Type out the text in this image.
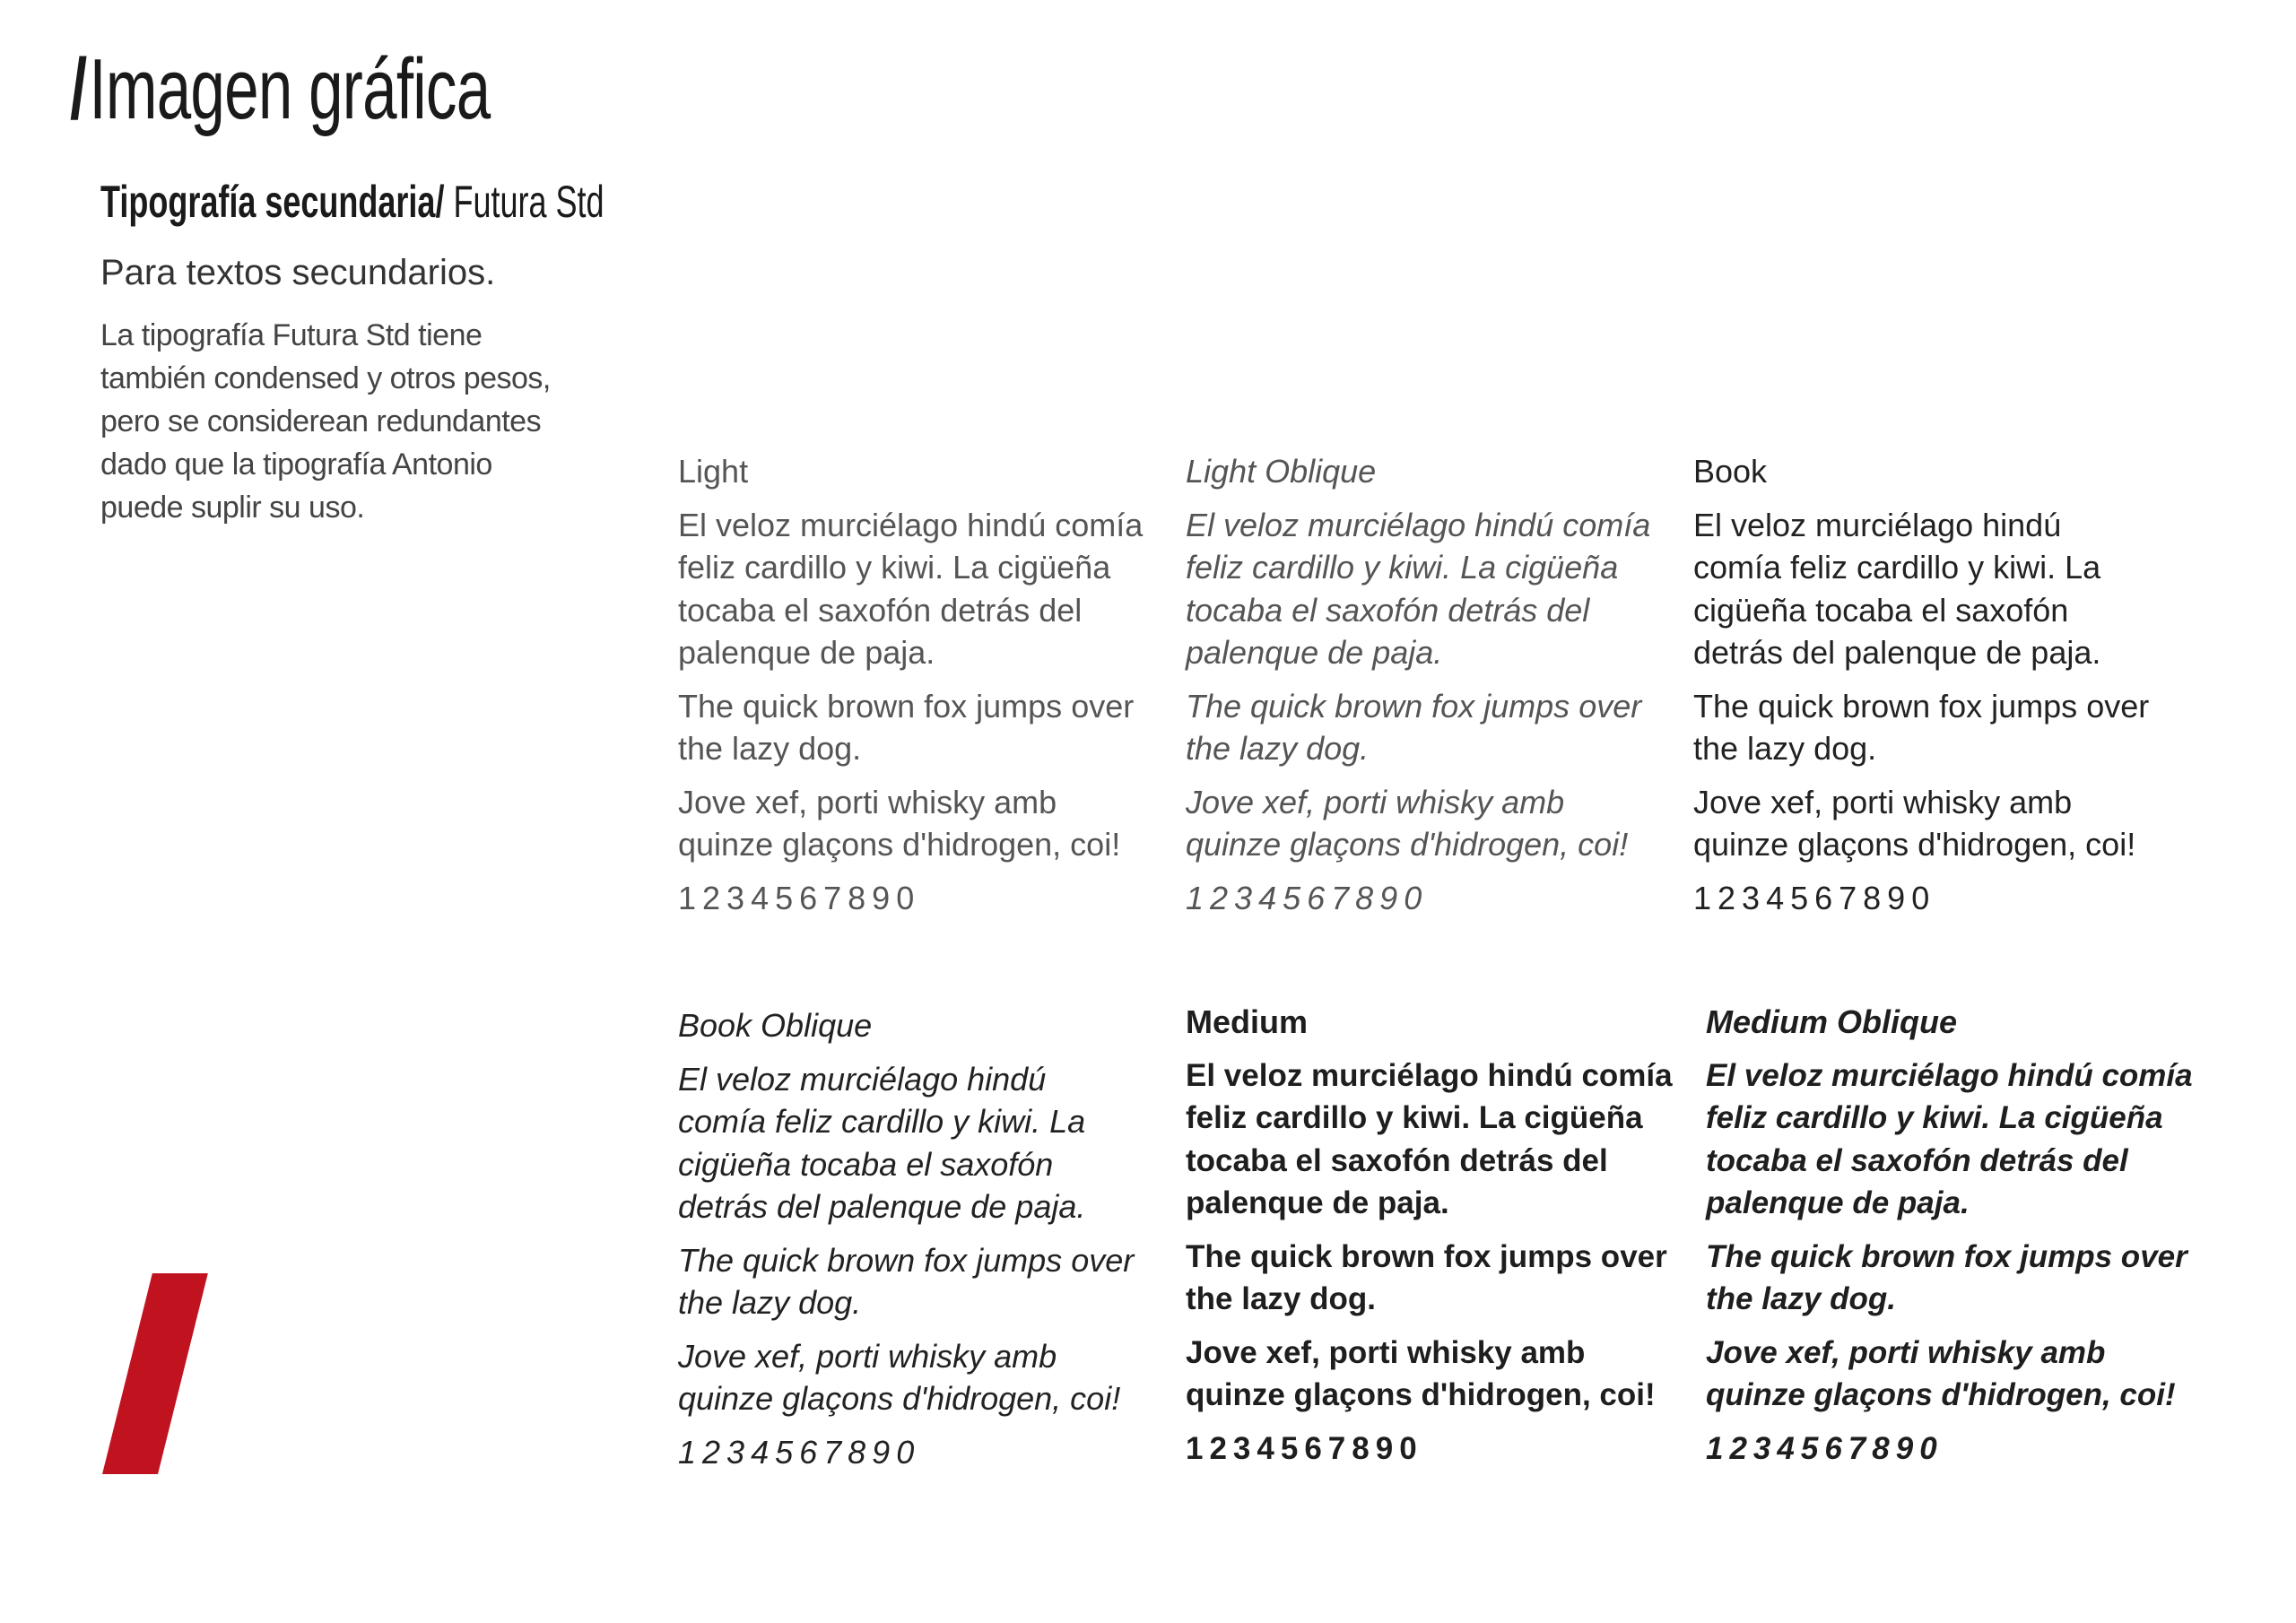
/Imagen gráfica
Tipografía secundaria/ Futura Std
Para textos secundarios.
La tipografía Futura Std tiene
también condensed y otros pesos,
pero se considerean redundantes
dado que la tipografía Antonio
puede suplir su uso.
Light
El veloz murciélago hindú comía
feliz cardillo y kiwi. La cigüeña
tocaba el saxofón detrás del
palenque de paja.
The quick brown fox jumps over
the lazy dog.
Jove xef, porti whisky amb
quinze glaçons d'hidrogen, coi!
1234567890
Light Oblique
El veloz murciélago hindú comía
feliz cardillo y kiwi. La cigüeña
tocaba el saxofón detrás del
palenque de paja.
The quick brown fox jumps over
the lazy dog.
Jove xef, porti whisky amb
quinze glaçons d'hidrogen, coi!
1234567890
Book
El veloz murciélago hindú
comía feliz cardillo y kiwi. La
cigüeña tocaba el saxofón
detrás del palenque de paja.
The quick brown fox jumps over
the lazy dog.
Jove xef, porti whisky amb
quinze glaçons d'hidrogen, coi!
1234567890
Book Oblique
El veloz murciélago hindú
comía feliz cardillo y kiwi. La
cigüeña tocaba el saxofón
detrás del palenque de paja.
The quick brown fox jumps over
the lazy dog.
Jove xef, porti whisky amb
quinze glaçons d'hidrogen, coi!
1234567890
Medium
El veloz murciélago hindú comía
feliz cardillo y kiwi. La cigüeña
tocaba el saxofón detrás del
palenque de paja.
The quick brown fox jumps over
the lazy dog.
Jove xef, porti whisky amb
quinze glaçons d'hidrogen, coi!
1234567890
Medium Oblique
El veloz murciélago hindú comía
feliz cardillo y kiwi. La cigüeña
tocaba el saxofón detrás del
palenque de paja.
The quick brown fox jumps over
the lazy dog.
Jove xef, porti whisky amb
quinze glaçons d'hidrogen, coi!
1234567890
